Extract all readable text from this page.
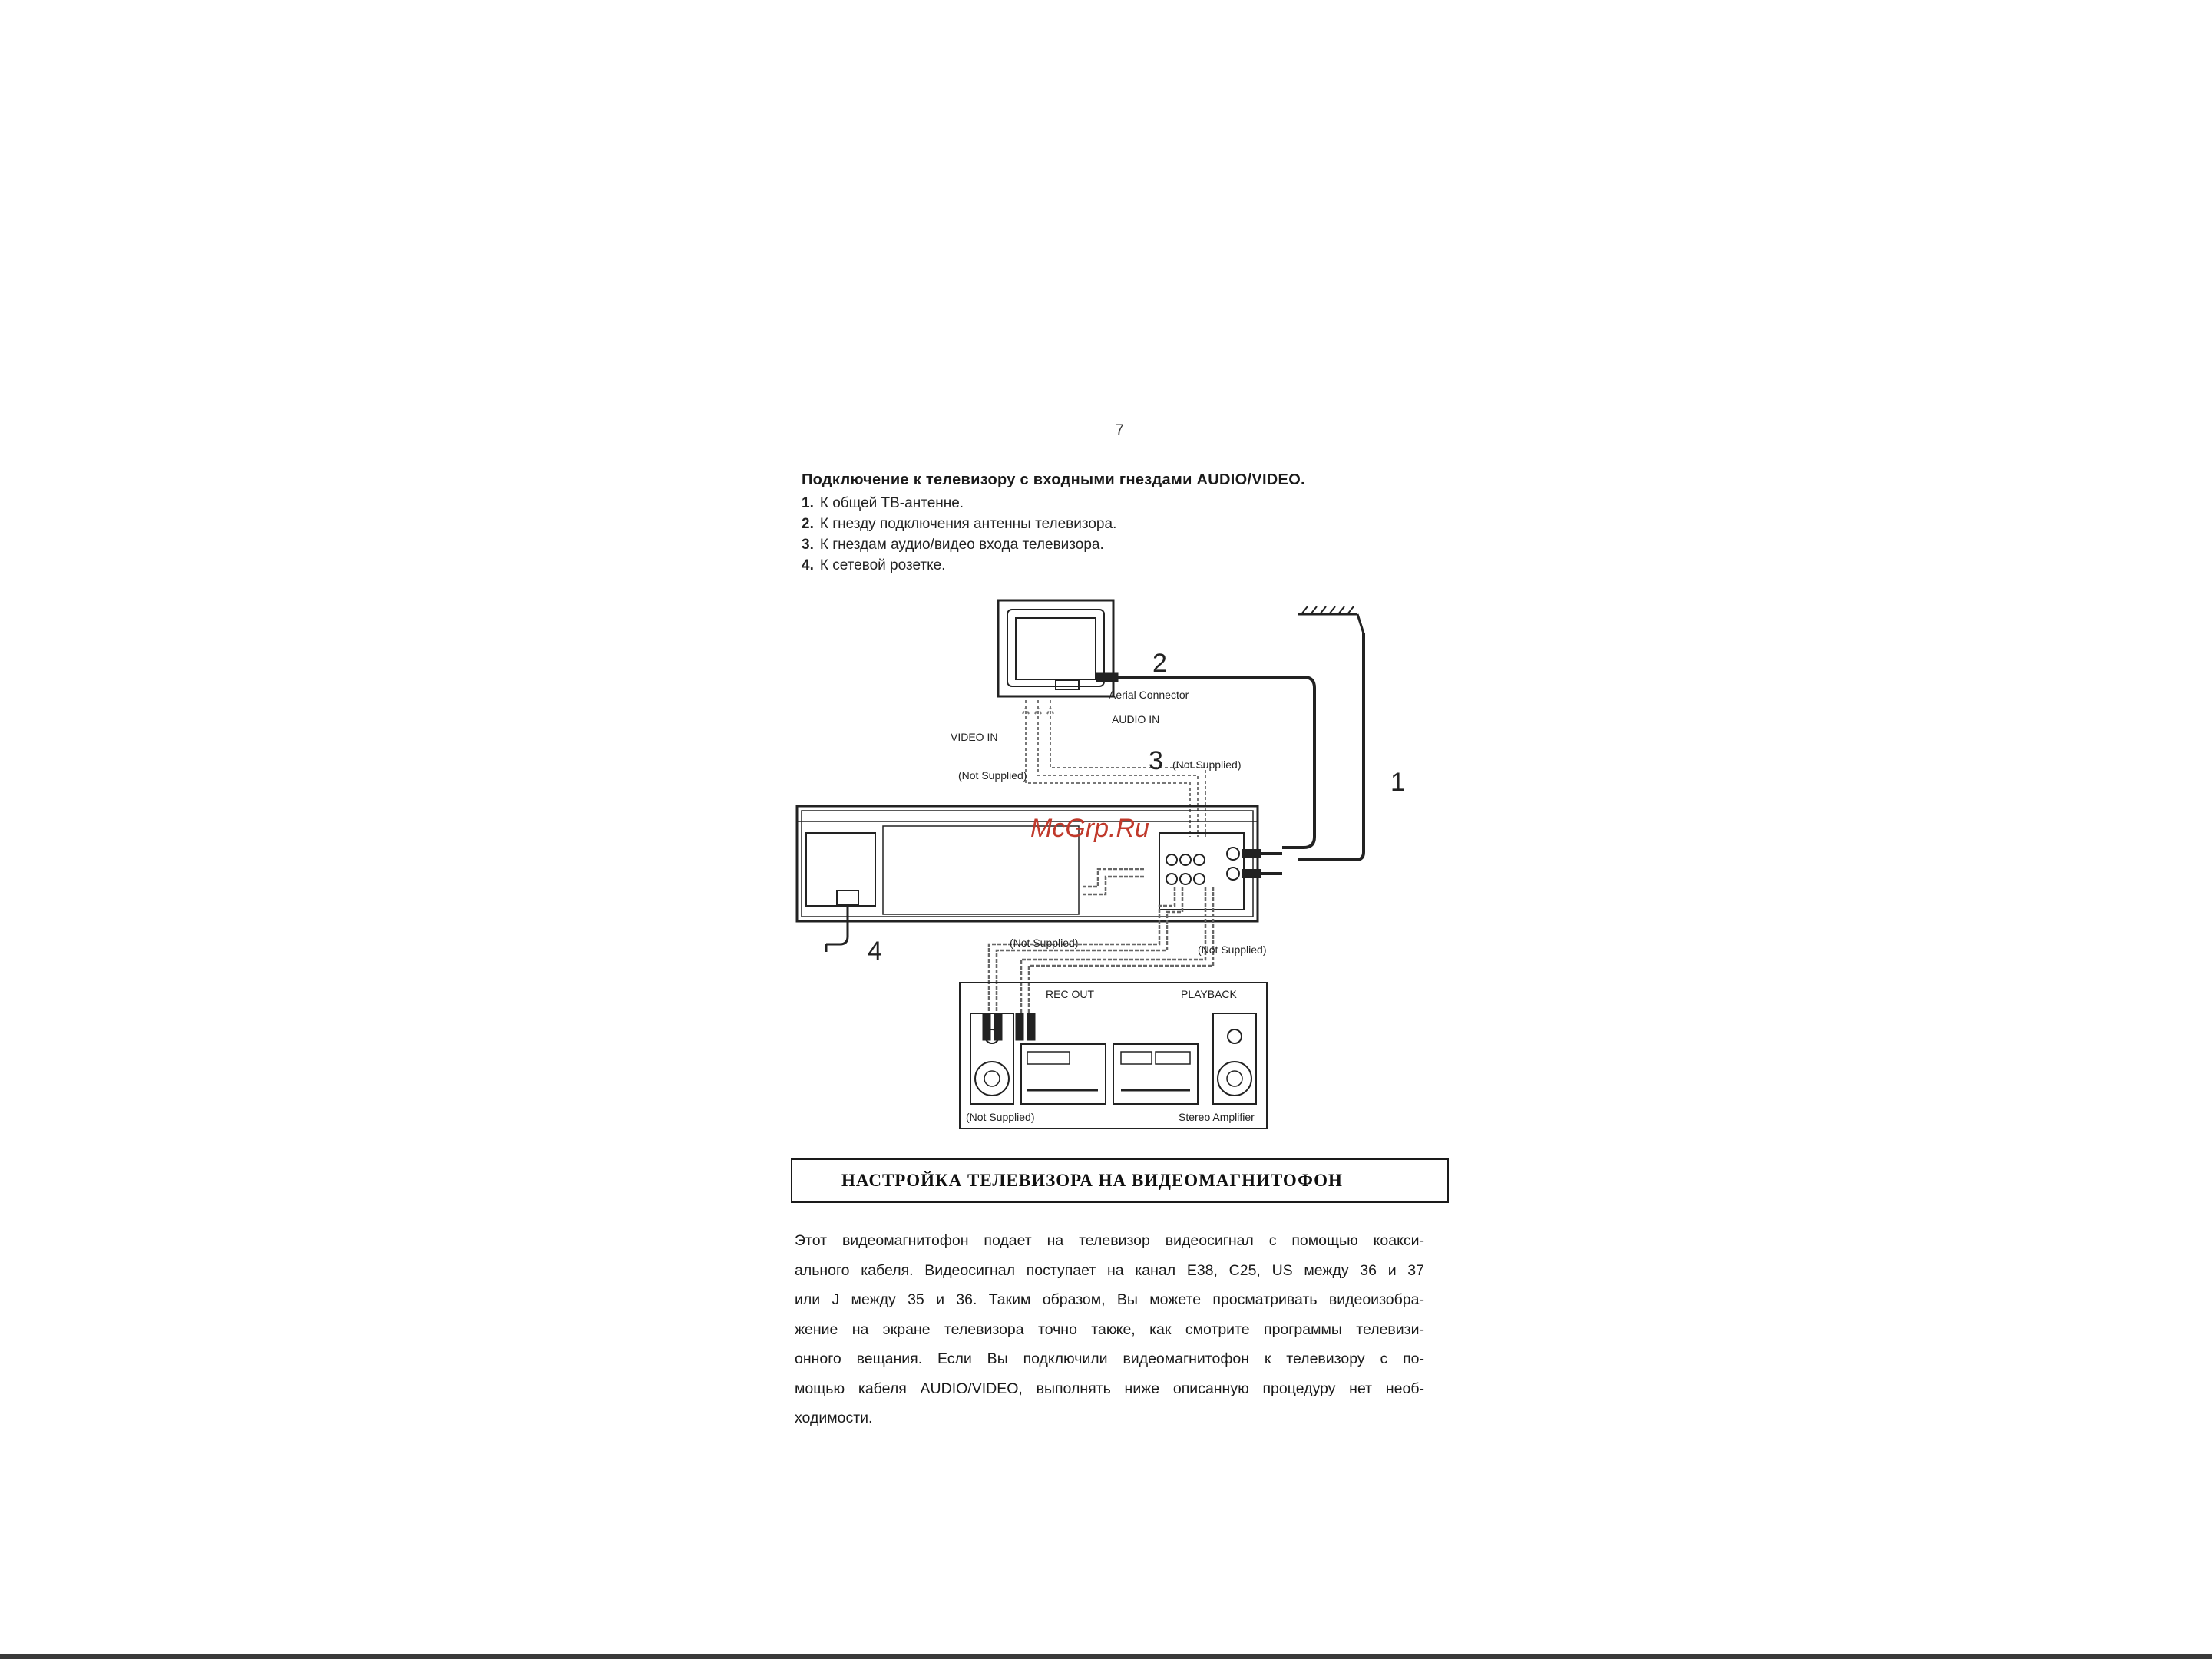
7
Подключение к телевизору с входными гнездами AUDIO/VIDEO.
1. К общей ТВ-антенне.
2. К гнезду подключения антенны телевизора.
3. К гнездам аудио/видео входа телевизора.
4. К сетевой розетке.
2
Aerial Connector
AUDIO IN
VIDEO IN
3 (Not Supplied)
(Not Supplied)	1
McGrp.Ru
4	(Not Supplied)
(Not Supplied)
REC OUT	PLAYBACK
(Not Supplied)	Stereo Amplifier
НАСТРОЙКА ТЕЛЕВИЗОРА НА ВИДЕОМАГНИТОФОН
Этот видеомагнитофон подает на телевизор видеосигнал с помощью коакси-
ального кабеля. Видеосигнал поступает на канал E38, C25, US между 36 и 37
или J между 35 и 36. Таким образом, Вы можете просматривать видеоизобра-
жение на экране телевизора точно также, как смотрите программы телевизи-
онного вещания. Если Вы подключили видеомагнитофон к телевизору с по-
мощью кабеля AUDIO/VIDEO, выполнять ниже описанную процедуру нет необ-
ходимости.
